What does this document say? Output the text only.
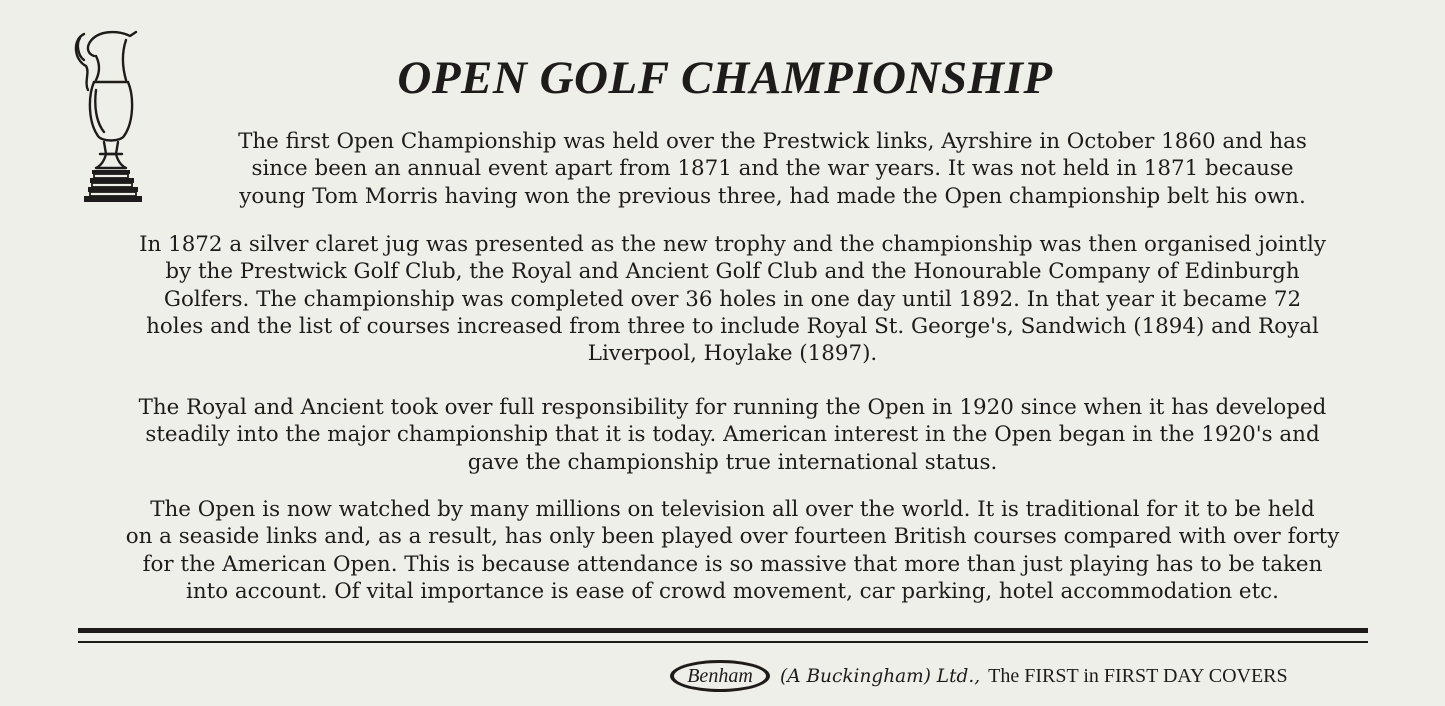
OPEN GOLF CHAMPIONSHIP

The first Open Championship was held over the Prestwick links, Ayrshire in October 1860 and has
since been an annual event apart from 1871 and the war years. It was not held in 1871 because
young Tom Morris having won the previous three, had made the Open championship belt his own.

In 1872 a silver claret jug was presented as the new trophy and the championship was then organised jointly
by the Prestwick Golf Club, the Royal and Ancient Golf Club and the Honourable Company of Edinburgh
Golfers. The championship was completed over 36 holes in one day until 1892. In that year it became 72
holes and the list of courses increased from three to include Royal St. George's, Sandwich (1894) and Royal
Liverpool, Hoylake (1897).

The Royal and Ancient took over full responsibility for running the Open in 1920 since when it has developed
steadily into the major championship that it is today. American interest in the Open began in the 1920's and
gave the championship true international status.

The Open is now watched by many millions on television all over the world. It is traditional for it to be held
on a seaside links and, as a result, has only been played over fourteen British courses compared with over forty
for the American Open. This is because attendance is so massive that more than just playing has to be taken
into account. Of vital importance is ease of crowd movement, car parking, hotel accommodation etc.

Benham (A Buckingham) Ltd., The FIRST in FIRST DAY COVERS
